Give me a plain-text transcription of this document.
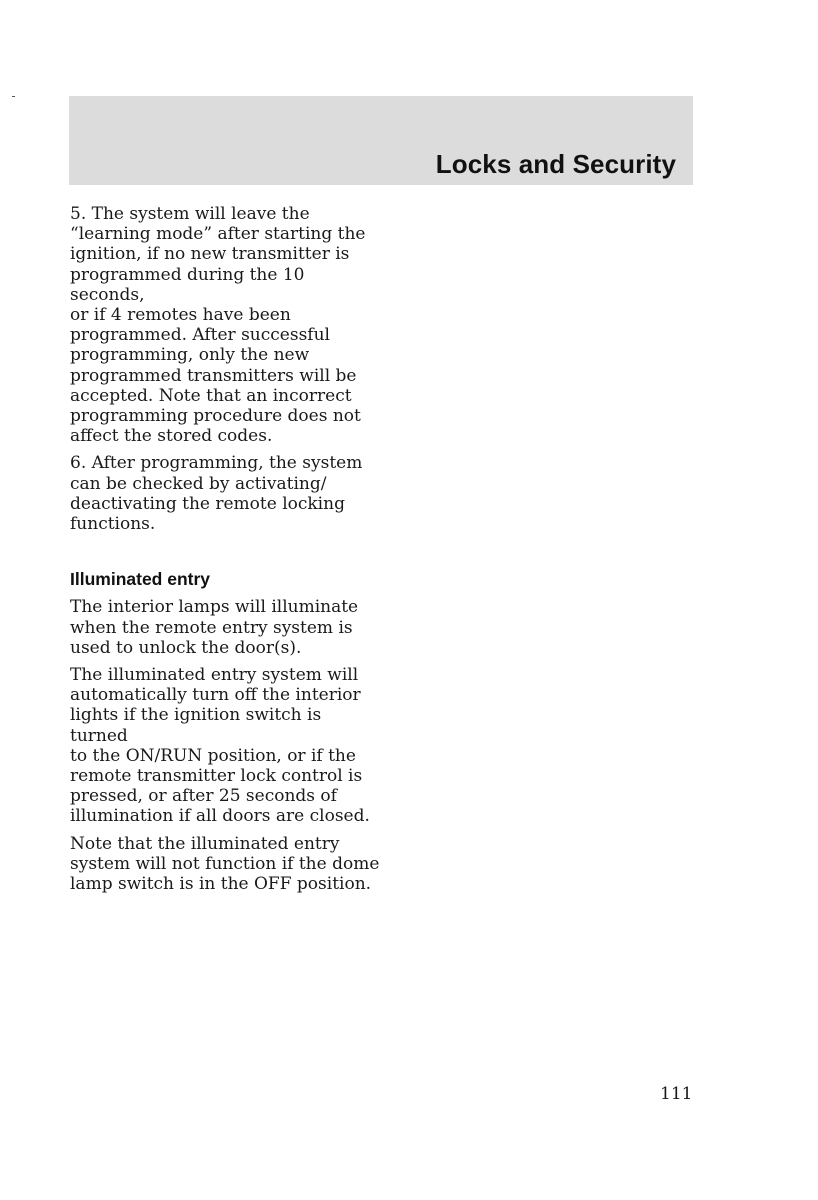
Locks and Security

5. The system will leave the
“learning mode” after starting the
ignition, if no new transmitter is
programmed during the 10 seconds,
or if 4 remotes have been
programmed. After successful
programming, only the new
programmed transmitters will be
accepted. Note that an incorrect
programming procedure does not
affect the stored codes.

6. After programming, the system
can be checked by activating/
deactivating the remote locking
functions.

Illuminated entry

The interior lamps will illuminate
when the remote entry system is
used to unlock the door(s).

The illuminated entry system will
automatically turn off the interior
lights if the ignition switch is turned
to the ON/RUN position, or if the
remote transmitter lock control is
pressed, or after 25 seconds of
illumination if all doors are closed.

Note that the illuminated entry
system will not function if the dome
lamp switch is in the OFF position.

111
